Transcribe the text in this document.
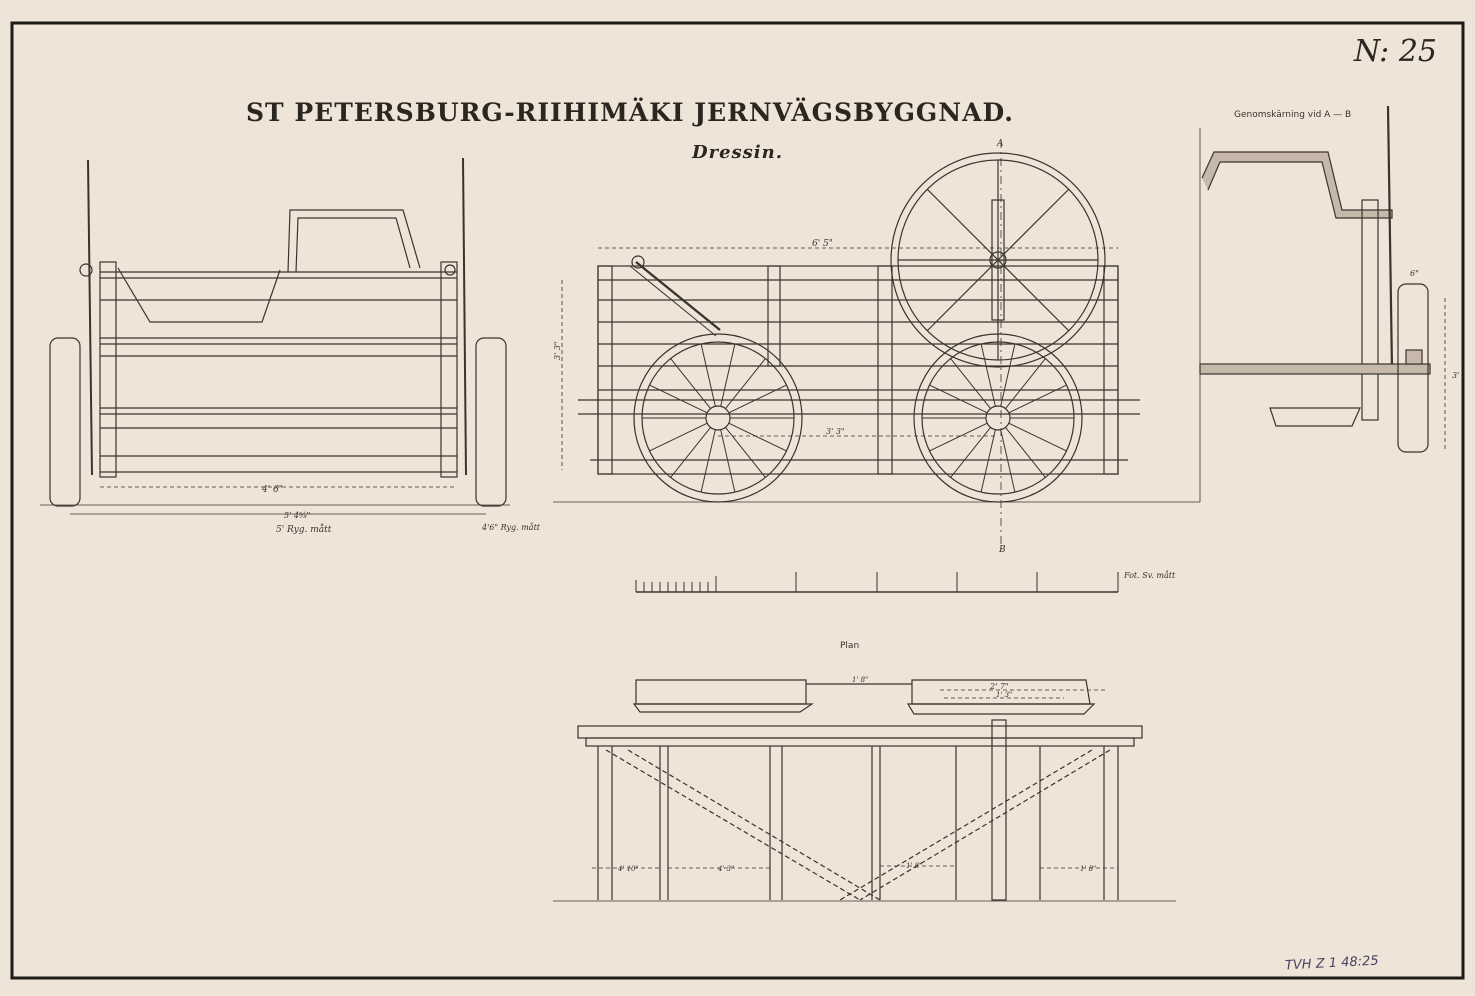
4' 6"
5' 4⅝"
5' Ryg. mått	4'6" Ryg. mått
6' 5"
3' 3"
3' 3"
A
B
Genomskärning vid A — B
3'
6"
Fot. Sv. mått
Plan
1' 8"
2' 7"
1' 3"
4' 10"	4' 3"	1' 8"	1' 8"
ST PETERSBURG-RIIHIMÄKI JERNVÄGSBYGGNAD.
Dressin.
N: 25
TVH Z 1 48:25
